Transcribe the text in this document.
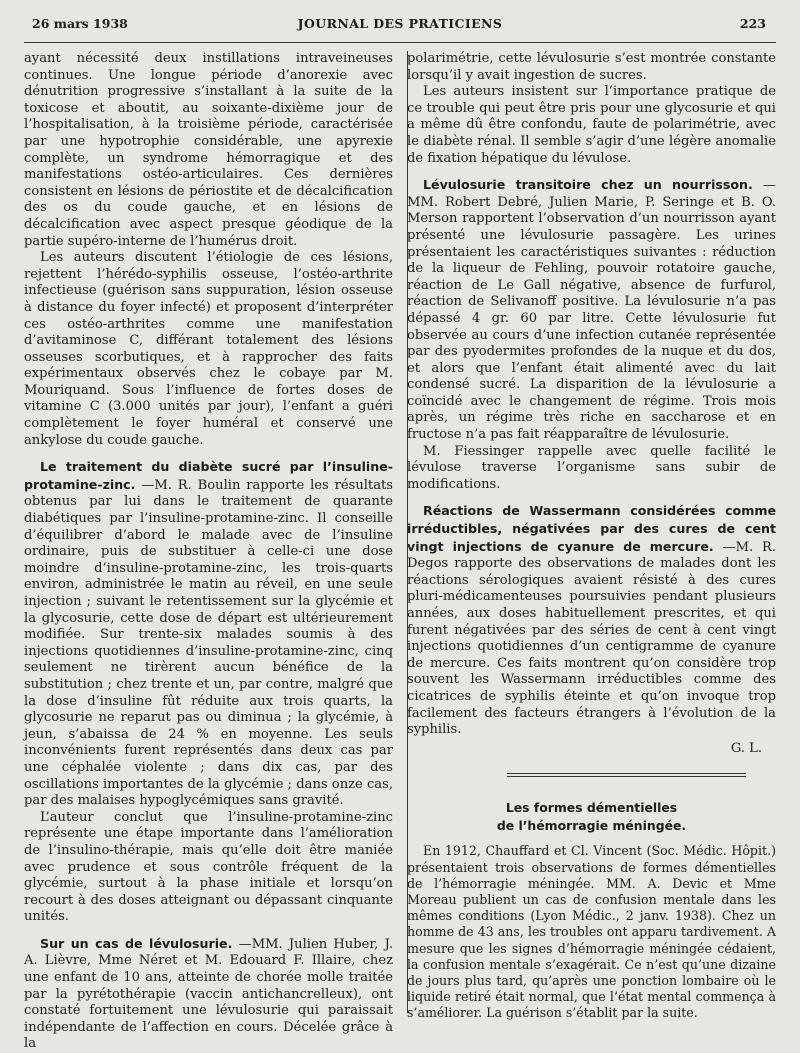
26 mars 1938	JOURNAL DES PRATICIENS	223

ayant nécessité deux instillations intraveineuses continues. Une longue période d’anorexie avec dénutrition progressive s’installant à la suite de la toxicose et aboutit, au soixante-dixième jour de l’hospitalisation, à la troisième période, caractérisée par une hypotrophie considérable, une apyrexie complète, un syndrome hémorragique et des manifestations ostéo-articulaires. Ces dernières consistent en lésions de périostite et de décalcification des os du coude gauche, et en lésions de décalcification avec aspect presque géodique de la partie supéro-interne de l’humérus droit.

Les auteurs discutent l’étiologie de ces lésions, rejettent l’hérédo-syphilis osseuse, l’ostéo-arthrite infectieuse (guérison sans suppuration, lésion osseuse à distance du foyer infecté) et proposent d’interpréter ces ostéo-arthrites comme une manifestation d’avitaminose C, différant totalement des lésions osseuses scorbutiques, et à rapprocher des faits expérimentaux observés chez le cobaye par M. Mouriquand. Sous l’influence de fortes doses de vitamine C (3.000 unités par jour), l’enfant a guéri complètement le foyer huméral et conservé une ankylose du coude gauche.

Le traitement du diabète sucré par l’insuline-protamine-zinc. —M. R. Boulin rapporte les résultats obtenus par lui dans le traitement de quarante diabétiques par l’insuline-protamine-zinc. Il conseille d’équilibrer d’abord le malade avec de l’insuline ordinaire, puis de substituer à celle-ci une dose moindre d’insuline-protamine-zinc, les trois-quarts environ, administrée le matin au réveil, en une seule injection ; suivant le retentissement sur la glycémie et la glycosurie, cette dose de départ est ultérieurement modifiée. Sur trente-six malades soumis à des injections quotidiennes d’insuline-protamine-zinc, cinq seulement ne tirèrent aucun bénéfice de la substitution ; chez trente et un, par contre, malgré que la dose d’insuline fût réduite aux trois quarts, la glycosurie ne reparut pas ou diminua ; la glycémie, à jeun, s’abaissa de 24 % en moyenne. Les seuls inconvénients furent représentés dans deux cas par une céphalée violente ; dans dix cas, par des oscillations importantes de la glycémie ; dans onze cas, par des malaises hypoglycémiques sans gravité.

L’auteur conclut que l’insuline-protamine-zinc représente une étape importante dans l’amélioration de l’insulino-thérapie, mais qu’elle doit être maniée avec prudence et sous contrôle fréquent de la glycémie, surtout à la phase initiale et lorsqu’on recourt à des doses atteignant ou dépassant cinquante unités.

Sur un cas de lévulosurie. —MM. Julien Huber, J. A. Lièvre, Mme Néret et M. Edouard F. Illaire, chez une enfant de 10 ans, atteinte de chorée molle traitée par la pyrétothérapie (vaccin antichancrelleux), ont constaté fortuitement une lévulosurie qui paraissait indépendante de l’affection en cours. Décelée grâce à la

polarimétrie, cette lévulosurie s’est montrée constante lorsqu’il y avait ingestion de sucres.

Les auteurs insistent sur l’importance pratique de ce trouble qui peut être pris pour une glycosurie et qui a même dû être confondu, faute de polarimétrie, avec le diabète rénal. Il semble s’agir d’une légère anomalie de fixation hépatique du lévulose.

Lévulosurie transitoire chez un nourrisson. — MM. Robert Debré, Julien Marie, P. Seringe et B. O. Merson rapportent l’observation d’un nourrisson ayant présenté une lévulosurie passagère. Les urines présentaient les caractéristiques suivantes : réduction de la liqueur de Fehling, pouvoir rotatoire gauche, réaction de Le Gall négative, absence de furfurol, réaction de Selivanoff positive. La lévulosurie n’a pas dépassé 4 gr. 60 par litre. Cette lévulosurie fut observée au cours d’une infection cutanée représentée par des pyodermites profondes de la nuque et du dos, et alors que l’enfant était alimenté avec du lait condensé sucré. La disparition de la lévulosurie a coïncidé avec le changement de régime. Trois mois après, un régime très riche en saccharose et en fructose n’a pas fait réapparaître de lévulosurie.

M. Fiessinger rappelle avec quelle facilité le lévulose traverse l’organisme sans subir de modifications.

Réactions de Wassermann considérées comme irréductibles, négativées par des cures de cent vingt injections de cyanure de mercure. —M. R. Degos rapporte des observations de malades dont les réactions sérologiques avaient résisté à des cures pluri-médicamenteuses poursuivies pendant plusieurs années, aux doses habituellement prescrites, et qui furent négativées par des séries de cent à cent vingt injections quotidiennes d’un centigramme de cyanure de mercure. Ces faits montrent qu’on considère trop souvent les Wassermann irréductibles comme des cicatrices de syphilis éteinte et qu’on invoque trop facilement des facteurs étrangers à l’évolution de la syphilis.

G. L.
Les formes démentielles
de l’hémorragie méningée.

En 1912, Chauffard et Cl. Vincent (Soc. Médic. Hôpit.) présentaient trois observations de formes démentielles de l’hémorragie méningée. MM. A. Devic et Mme Moreau publient un cas de confusion mentale dans les mêmes conditions (Lyon Médic., 2 janv. 1938). Chez un homme de 43 ans, les troubles ont apparu tardivement. A mesure que les signes d’hémorragie méningée cédaient, la confusion mentale s’exagérait. Ce n’est qu’une dizaine de jours plus tard, qu’après une ponction lombaire où le liquide retiré était normal, que l’état mental commença à s’améliorer. La guérison s’établit par la suite.
